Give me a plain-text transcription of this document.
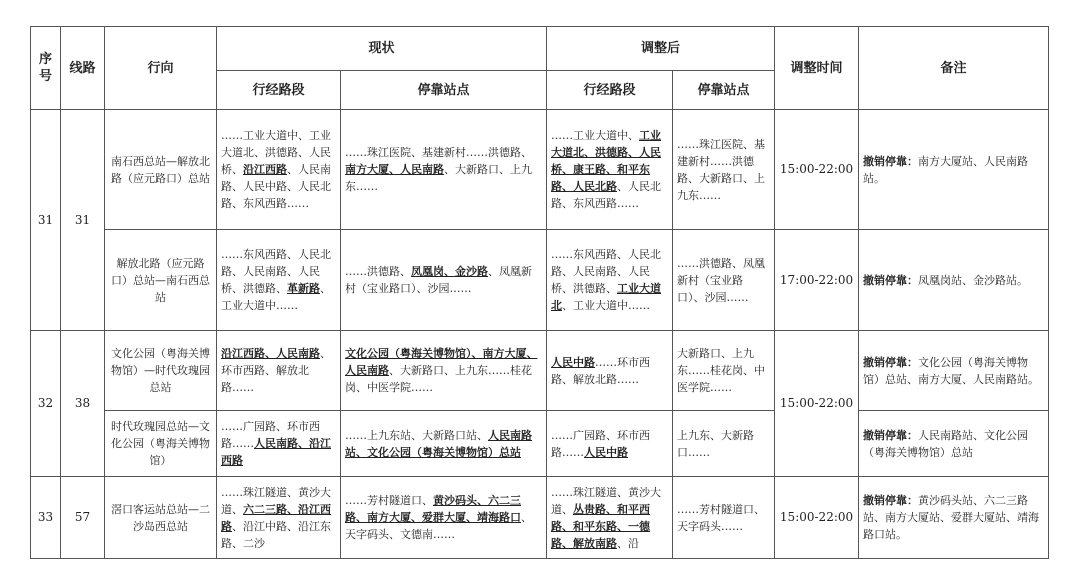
序号	线路	行向	现状		调整后		调整时间	备注
			行经路段	停靠站点	行经路段	停靠站点		
31	31	南石西总站—解放北路（应元路口）总站	……工业大道中、工业大道北、洪德路、人民桥、沿江西路、人民南路、人民中路、人民北路、东风西路……	……珠江医院、基建新村……洪德路、南方大厦、人民南路、大新路口、上九东……	……工业大道中、工业大道北、洪德路、人民桥、康王路、和平东路、人民北路、人民北路、东风西路……	……珠江医院、基建新村……洪德路、大新路口、上九东……	15:00-22:00	撤销停靠：南方大厦站、人民南路站。
		解放北路（应元路口）总站—南石西总站	……东风西路、人民北路、人民南路、人民桥、洪德路、革新路、工业大道中……	……洪德路、凤凰岗、金沙路、凤凰新村（宝业路口）、沙园……	……东风西路、人民北路、人民南路、人民桥、洪德路、工业大道北、工业大道中……	……洪德路、凤凰新村（宝业路口）、沙园……	17:00-22:00	撤销停靠：凤凰岗站、金沙路站。
32	38	文化公园（粤海关博物馆）—时代玫瑰园总站	沿江西路、人民南路、环市西路、解放北路……	文化公园（粤海关博物馆）、南方大厦、人民南路、大新路口、上九东……桂花岗、中医学院……	人民中路……环市西路、解放北路……	大新路口、上九东……桂花岗、中医学院……	15:00-22:00	撤销停靠：文化公园（粤海关博物馆）总站、南方大厦、人民南路站。
		时代玫瑰园总站—文化公园（粤海关博物馆）	……广园路、环市西路……人民南路、沿江西路	……上九东站、大新路口站、人民南路站、文化公园（粤海关博物馆）总站	……广园路、环市西路……人民中路	上九东、大新路口……		撤销停靠：人民南路站、文化公园（粤海关博物馆）总站
33	57	滘口客运站总站—二沙岛西总站	……珠江隧道、黄沙大道、六二三路、沿江西路、沿江中路、沿江东路、二沙	……芳村隧道口、黄沙码头、六二三路、南方大厦、爱群大厦、靖海路口、天字码头、文德南……	……珠江隧道、黄沙大道、丛贵路、和平西路、和平东路、一德路、解放南路、沿	……芳村隧道口、天字码头……	15:00-22:00	撤销停靠：黄沙码头站、六二三路站、南方大厦站、爱群大厦站、靖海路口站。
